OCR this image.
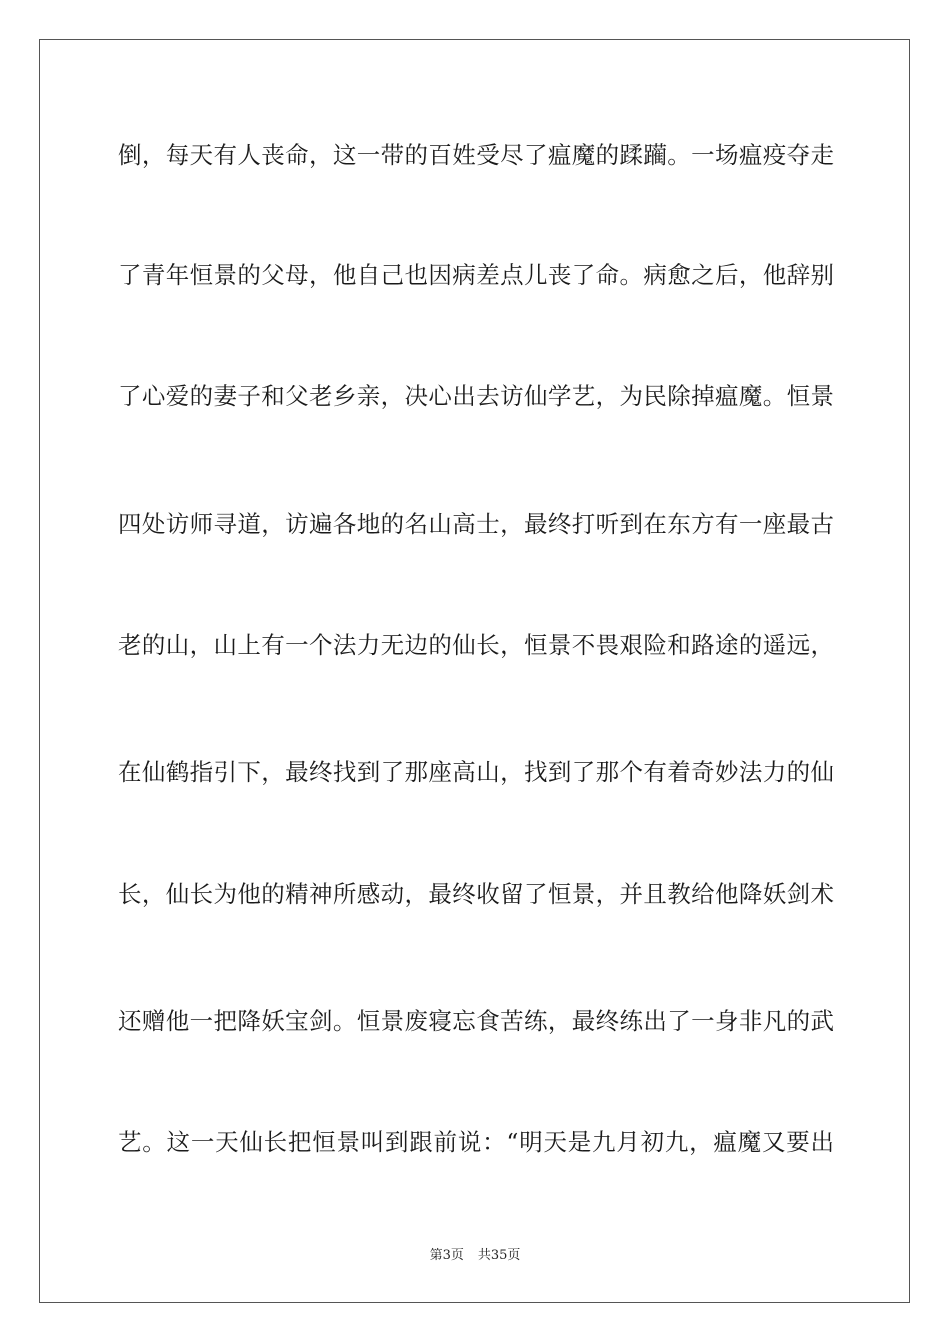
倒，每天有人丧命，这一带的百姓受尽了瘟魔的蹂躏。一场瘟疫夺走
了青年恒景的父母，他自己也因病差点儿丧了命。病愈之后，他辞别
了心爱的妻子和父老乡亲，决心出去访仙学艺，为民除掉瘟魔。恒景
四处访师寻道，访遍各地的名山高士，最终打听到在东方有一座最古
老的山，山上有一个法力无边的仙长，恒景不畏艰险和路途的遥远，
在仙鹤指引下，最终找到了那座高山，找到了那个有着奇妙法力的仙
长，仙长为他的精神所感动，最终收留了恒景，并且教给他降妖剑术
还赠他一把降妖宝剑。恒景废寝忘食苦练，最终练出了一身非凡的武
艺。这一天仙长把恒景叫到跟前说：“明天是九月初九，瘟魔又要出
第3页 共35页
